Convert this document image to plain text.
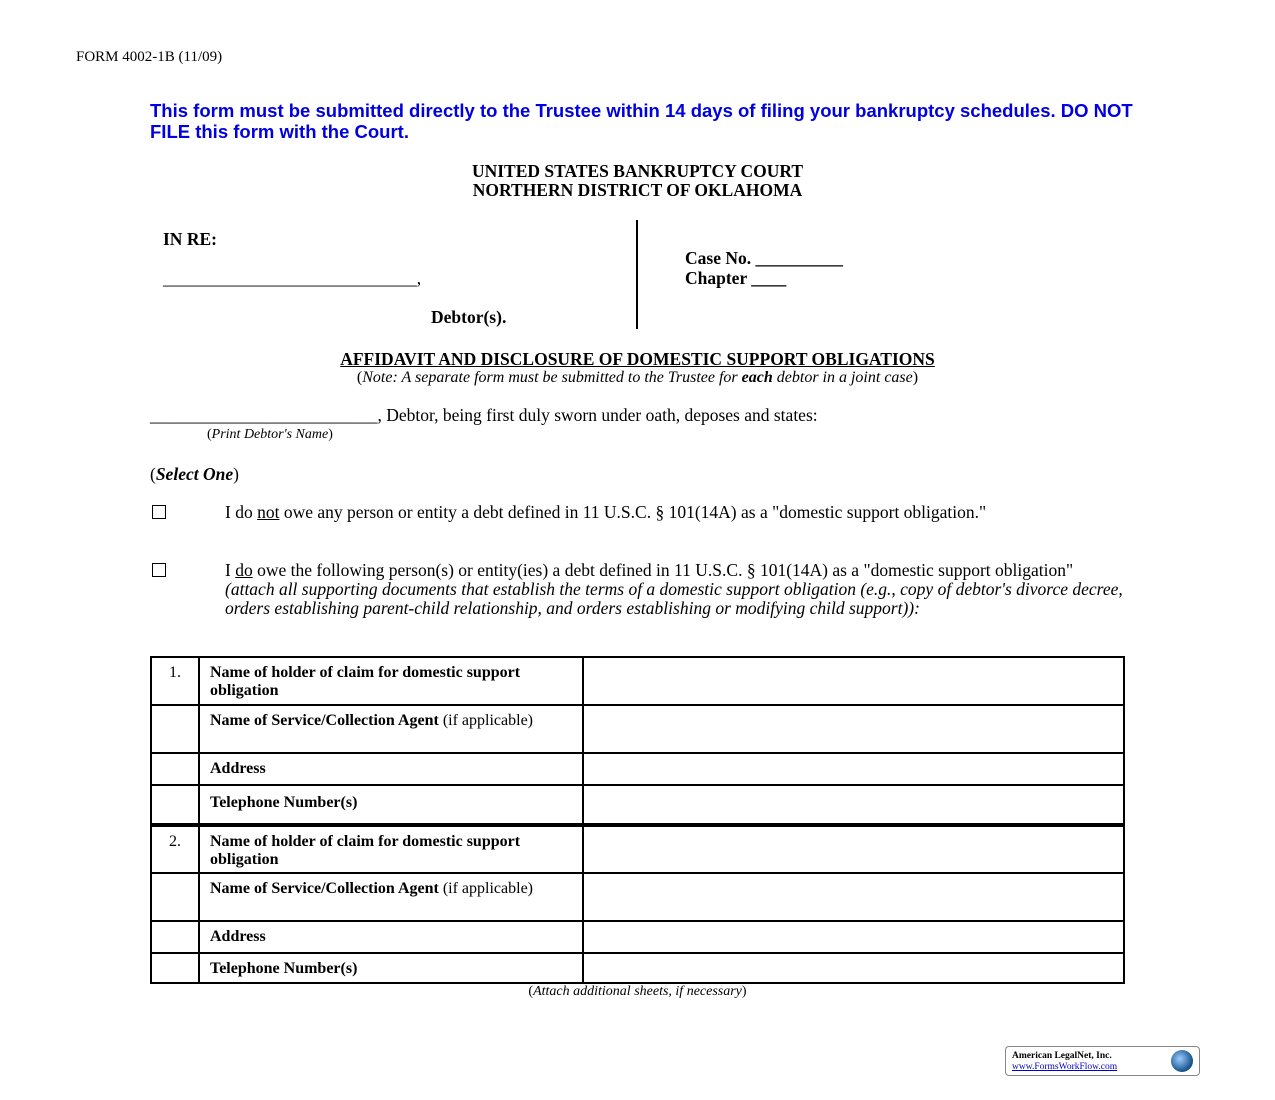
FORM 4002-1B (11/09)
This form must be submitted directly to the Trustee within 14 days of filing your bankruptcy schedules. DO NOT FILE this form with the Court.
UNITED STATES BANKRUPTCY COURT
NORTHERN DISTRICT OF OKLAHOMA
IN RE:
_____________________________,
Debtor(s).
Case No. __________
Chapter ____
AFFIDAVIT AND DISCLOSURE OF DOMESTIC SUPPORT OBLIGATIONS
(Note: A separate form must be submitted to the Trustee for each debtor in a joint case)
__________________________, Debtor, being first duly sworn under oath, deposes and states:
(Print Debtor's Name)
(Select One)
I do not owe any person or entity a debt defined in 11 U.S.C. § 101(14A) as a "domestic support obligation."
I do owe the following person(s) or entity(ies) a debt defined in 11 U.S.C. § 101(14A) as a "domestic support obligation" (attach all supporting documents that establish the terms of a domestic support obligation (e.g., copy of debtor's divorce decree, orders establishing parent-child relationship, and orders establishing or modifying child support)):
1.	Name of holder of claim for domestic support obligation	
	Name of Service/Collection Agent (if applicable)	
	Address	
	Telephone Number(s)	
2.	Name of holder of claim for domestic support obligation	
	Name of Service/Collection Agent (if applicable)	
	Address	
	Telephone Number(s)	
(Attach additional sheets, if necessary)
American LegalNet, Inc.
www.FormsWorkFlow.com
